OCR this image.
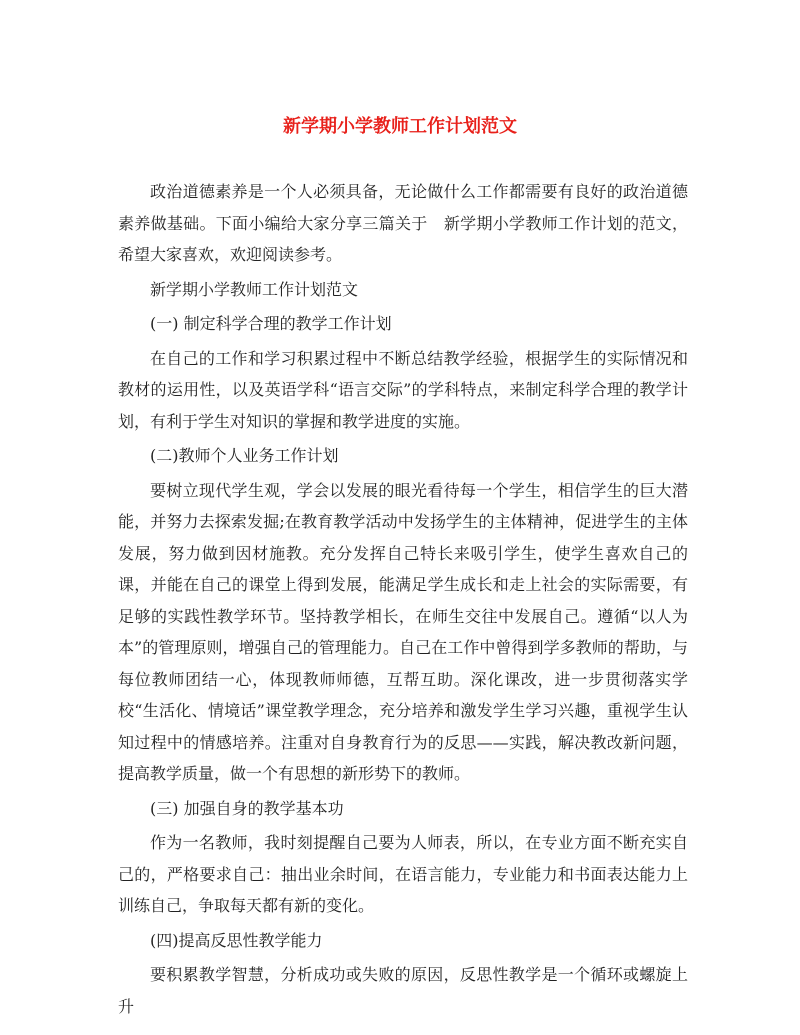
新学期小学教师工作计划范文

政治道德素养是一个人必须具备，无论做什么工作都需要有良好的政治道德素养做基础。下面小编给大家分享三篇关于　新学期小学教师工作计划的范文，希望大家喜欢，欢迎阅读参考。

新学期小学教师工作计划范文

(一) 制定科学合理的教学工作计划

在自己的工作和学习积累过程中不断总结教学经验，根据学生的实际情况和教材的运用性，以及英语学科“语言交际”的学科特点，来制定科学合理的教学计划，有利于学生对知识的掌握和教学进度的实施。

(二)教师个人业务工作计划

要树立现代学生观，学会以发展的眼光看待每一个学生，相信学生的巨大潜能，并努力去探索发掘;在教育教学活动中发扬学生的主体精神，促进学生的主体发展，努力做到因材施教。充分发挥自己特长来吸引学生，使学生喜欢自己的课，并能在自己的课堂上得到发展，能满足学生成长和走上社会的实际需要，有足够的实践性教学环节。坚持教学相长，在师生交往中发展自己。遵循“以人为本”的管理原则，增强自己的管理能力。自己在工作中曾得到学多教师的帮助，与每位教师团结一心，体现教师师德，互帮互助。深化课改，进一步贯彻落实学校“生活化、情境话”课堂教学理念，充分培养和激发学生学习兴趣，重视学生认知过程中的情感培养。注重对自身教育行为的反思——实践，解决教改新问题，提高教学质量，做一个有思想的新形势下的教师。

(三) 加强自身的教学基本功

作为一名教师，我时刻提醒自己要为人师表，所以，在专业方面不断充实自己的，严格要求自己：抽出业余时间，在语言能力，专业能力和书面表达能力上训练自己，争取每天都有新的变化。

(四)提高反思性教学能力

要积累教学智慧，分析成功或失败的原因，反思性教学是一个循环或螺旋上升
